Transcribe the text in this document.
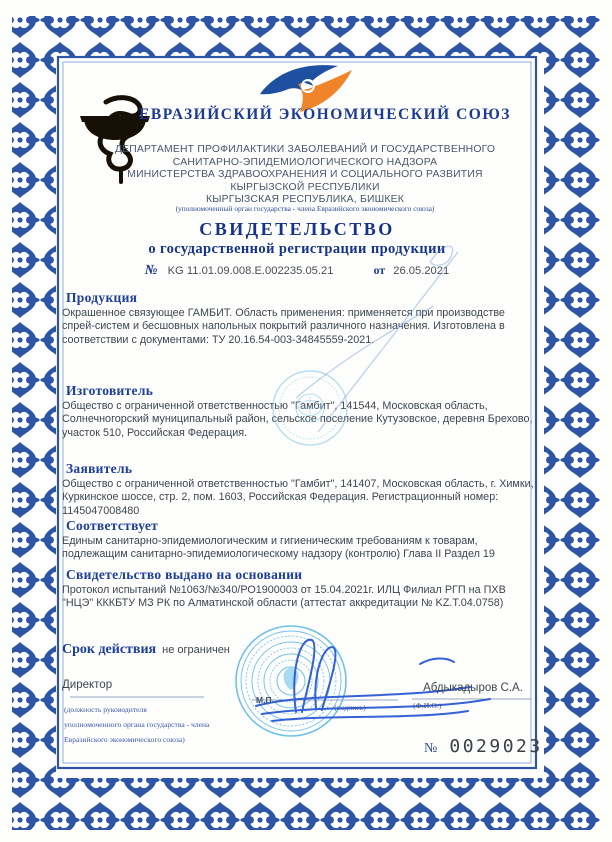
ЕВРАЗИЙСКИЙ ЭКОНОМИЧЕСКИЙ СОЮЗ
ДЕПАРТАМЕНТ ПРОФИЛАКТИКИ ЗАБОЛЕВАНИЙ И ГОСУДАРСТВЕННОГО
САНИТАРНО-ЭПИДЕМИОЛОГИЧЕСКОГО НАДЗОРА
МИНИСТЕРСТВА ЗДРАВООХРАНЕНИЯ И СОЦИАЛЬНОГО РАЗВИТИЯ
КЫРГЫЗСКОЙ РЕСПУБЛИКИ
КЫРГЫЗСКАЯ РЕСПУБЛИКА, БИШКЕК
(уполномоченный орган государства - члена Евразийского экономического союза)
СВИДЕТЕЛЬСТВО
о государственной регистрации продукции
№ KG 11.01.09.008.E.002235.05.21	от 26.05.2021
Продукция
Окрашенное связующее ГАМБИТ. Область применения: применяется при производстве спрей-систем и бесшовных напольных покрытий различного назначения. Изготовлена в соответствии с документами: ТУ 20.16.54-003-34845559-2021.
Изготовитель
Общество с ограниченной ответственностью "Гамбит", 141544, Московская область, Солнечногорский муниципальный район, сельское поселение Кутузовское, деревня Брехово, участок 510, Российская Федерация.
Заявитель
Общество с ограниченной ответственностью "Гамбит", 141407, Московская область, г. Химки, Куркинское шоссе, стр. 2, пом. 1603, Российская Федерация. Регистрационный номер: 1145047008480
Соответствует
Единым санитарно-эпидемиологическим и гигиеническим требованиям к товарам, подлежащим санитарно-эпидемиологическому надзору (контролю) Глава II Раздел 19
Свидетельство выдано на основании
Протокол испытаний №1063/№340/РО1900003 от 15.04.2021г. ИЛЦ Филиал РГП на ПХВ "НЦЭ" КККБТУ МЗ РК по Алматинской области (аттестат аккредитации № KZ.Т.04.0758)
Срок действия не ограничен
Директор
(должность руководителя
уполномоченного органа государства - члена
Евразийского экономического союза)
М.П.
(подпись)
Абдыкадыров С.А.
(Ф.И.О.)
№ 0029023
